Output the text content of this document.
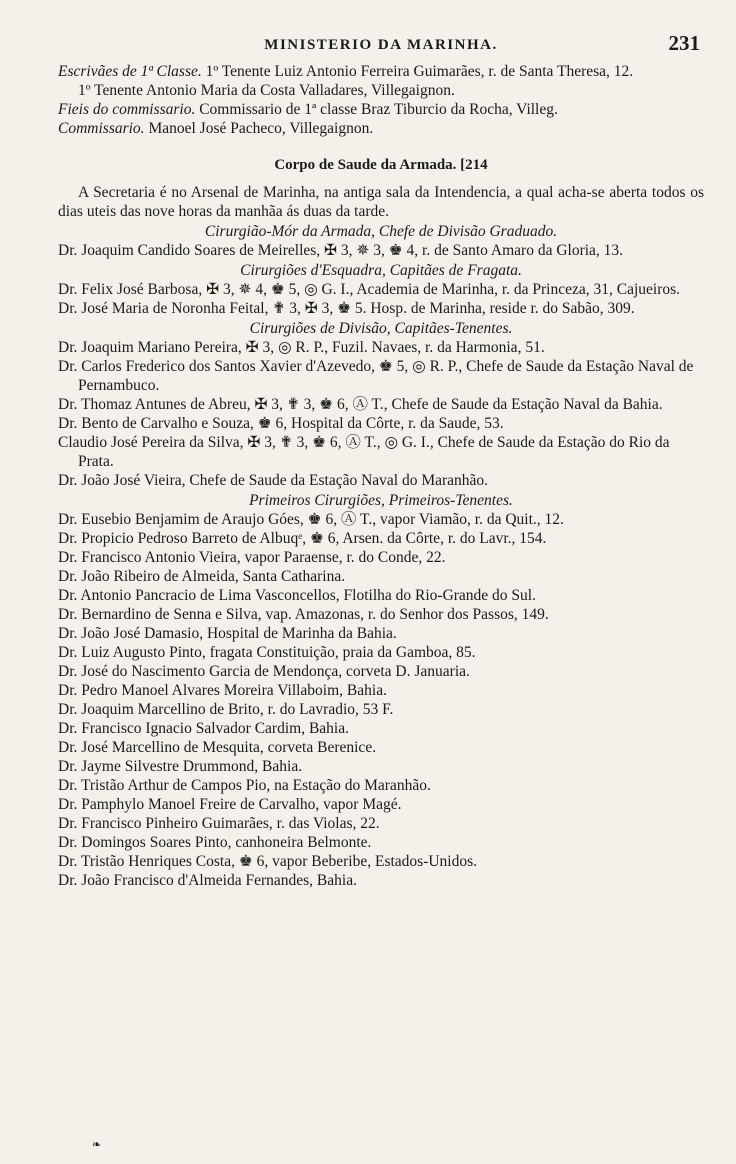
MINISTERIO DA MARINHA.	231
Escrivães de 1ª Classe. 1º Tenente Luiz Antonio Ferreira Guimarães, r. de Santa Theresa, 12.
1º Tenente Antonio Maria da Costa Valladares, Villegaignon.
Fieis do commissario. Commissario de 1ª classe Braz Tiburcio da Rocha, Villeg.
Commissario. Manoel José Pacheco, Villegaignon.
Corpo de Saude da Armada. [214
A Secretaria é no Arsenal de Marinha, na antiga sala da Intendencia, a qual acha-se aberta todos os dias uteis das nove horas da manhãa ás duas da tarde.
Cirurgião-Mór da Armada, Chefe de Divisão Graduado.
Dr. Joaquim Candido Soares de Meirelles, ✠ 3, ✵ 3, ♚ 4, r. de Santo Amaro da Gloria, 13.
Cirurgiões d'Esquadra, Capitães de Fragata.
Dr. Felix José Barbosa, ✠ 3, ✵ 4, ♚ 5, ◎ G. I., Academia de Marinha, r. da Princeza, 31, Cajueiros.
Dr. José Maria de Noronha Feital, ✟ 3, ✠ 3, ♚ 5. Hosp. de Marinha, reside r. do Sabão, 309.
Cirurgiões de Divisão, Capitães-Tenentes.
Dr. Joaquim Mariano Pereira, ✠ 3, ◎ R. P., Fuzil. Navaes, r. da Harmonia, 51.
Dr. Carlos Frederico dos Santos Xavier d'Azevedo, ♚ 5, ◎ R. P., Chefe de Saude da Estação Naval de Pernambuco.
Dr. Thomaz Antunes de Abreu, ✠ 3, ✟ 3, ♚ 6, Ⓐ T., Chefe de Saude da Estação Naval da Bahia.
Dr. Bento de Carvalho e Souza, ♚ 6, Hospital da Côrte, r. da Saude, 53.
Claudio José Pereira da Silva, ✠ 3, ✟ 3, ♚ 6, Ⓐ T., ◎ G. I., Chefe de Saude da Estação do Rio da Prata.
Dr. João José Vieira, Chefe de Saude da Estação Naval do Maranhão.
Primeiros Cirurgiões, Primeiros-Tenentes.
Dr. Eusebio Benjamim de Araujo Góes, ♚ 6, Ⓐ T., vapor Viamão, r. da Quit., 12.
Dr. Propicio Pedroso Barreto de Albuqᵉ, ♚ 6, Arsen. da Côrte, r. do Lavr., 154.
Dr. Francisco Antonio Vieira, vapor Paraense, r. do Conde, 22.
Dr. João Ribeiro de Almeida, Santa Catharina.
Dr. Antonio Pancracio de Lima Vasconcellos, Flotilha do Rio-Grande do Sul.
Dr. Bernardino de Senna e Silva, vap. Amazonas, r. do Senhor dos Passos, 149.
Dr. João José Damasio, Hospital de Marinha da Bahia.
Dr. Luiz Augusto Pinto, fragata Constituição, praia da Gamboa, 85.
Dr. José do Nascimento Garcia de Mendonça, corveta D. Januaria.
Dr. Pedro Manoel Alvares Moreira Villaboim, Bahia.
Dr. Joaquim Marcellino de Brito, r. do Lavradio, 53 F.
Dr. Francisco Ignacio Salvador Cardim, Bahia.
Dr. José Marcellino de Mesquita, corveta Berenice.
Dr. Jayme Silvestre Drummond, Bahia.
Dr. Tristão Arthur de Campos Pio, na Estação do Maranhão.
Dr. Pamphylo Manoel Freire de Carvalho, vapor Magé.
Dr. Francisco Pinheiro Guimarães, r. das Violas, 22.
Dr. Domingos Soares Pinto, canhoneira Belmonte.
Dr. Tristão Henriques Costa, ♚ 6, vapor Beberibe, Estados-Unidos.
Dr. João Francisco d'Almeida Fernandes, Bahia.
❧
